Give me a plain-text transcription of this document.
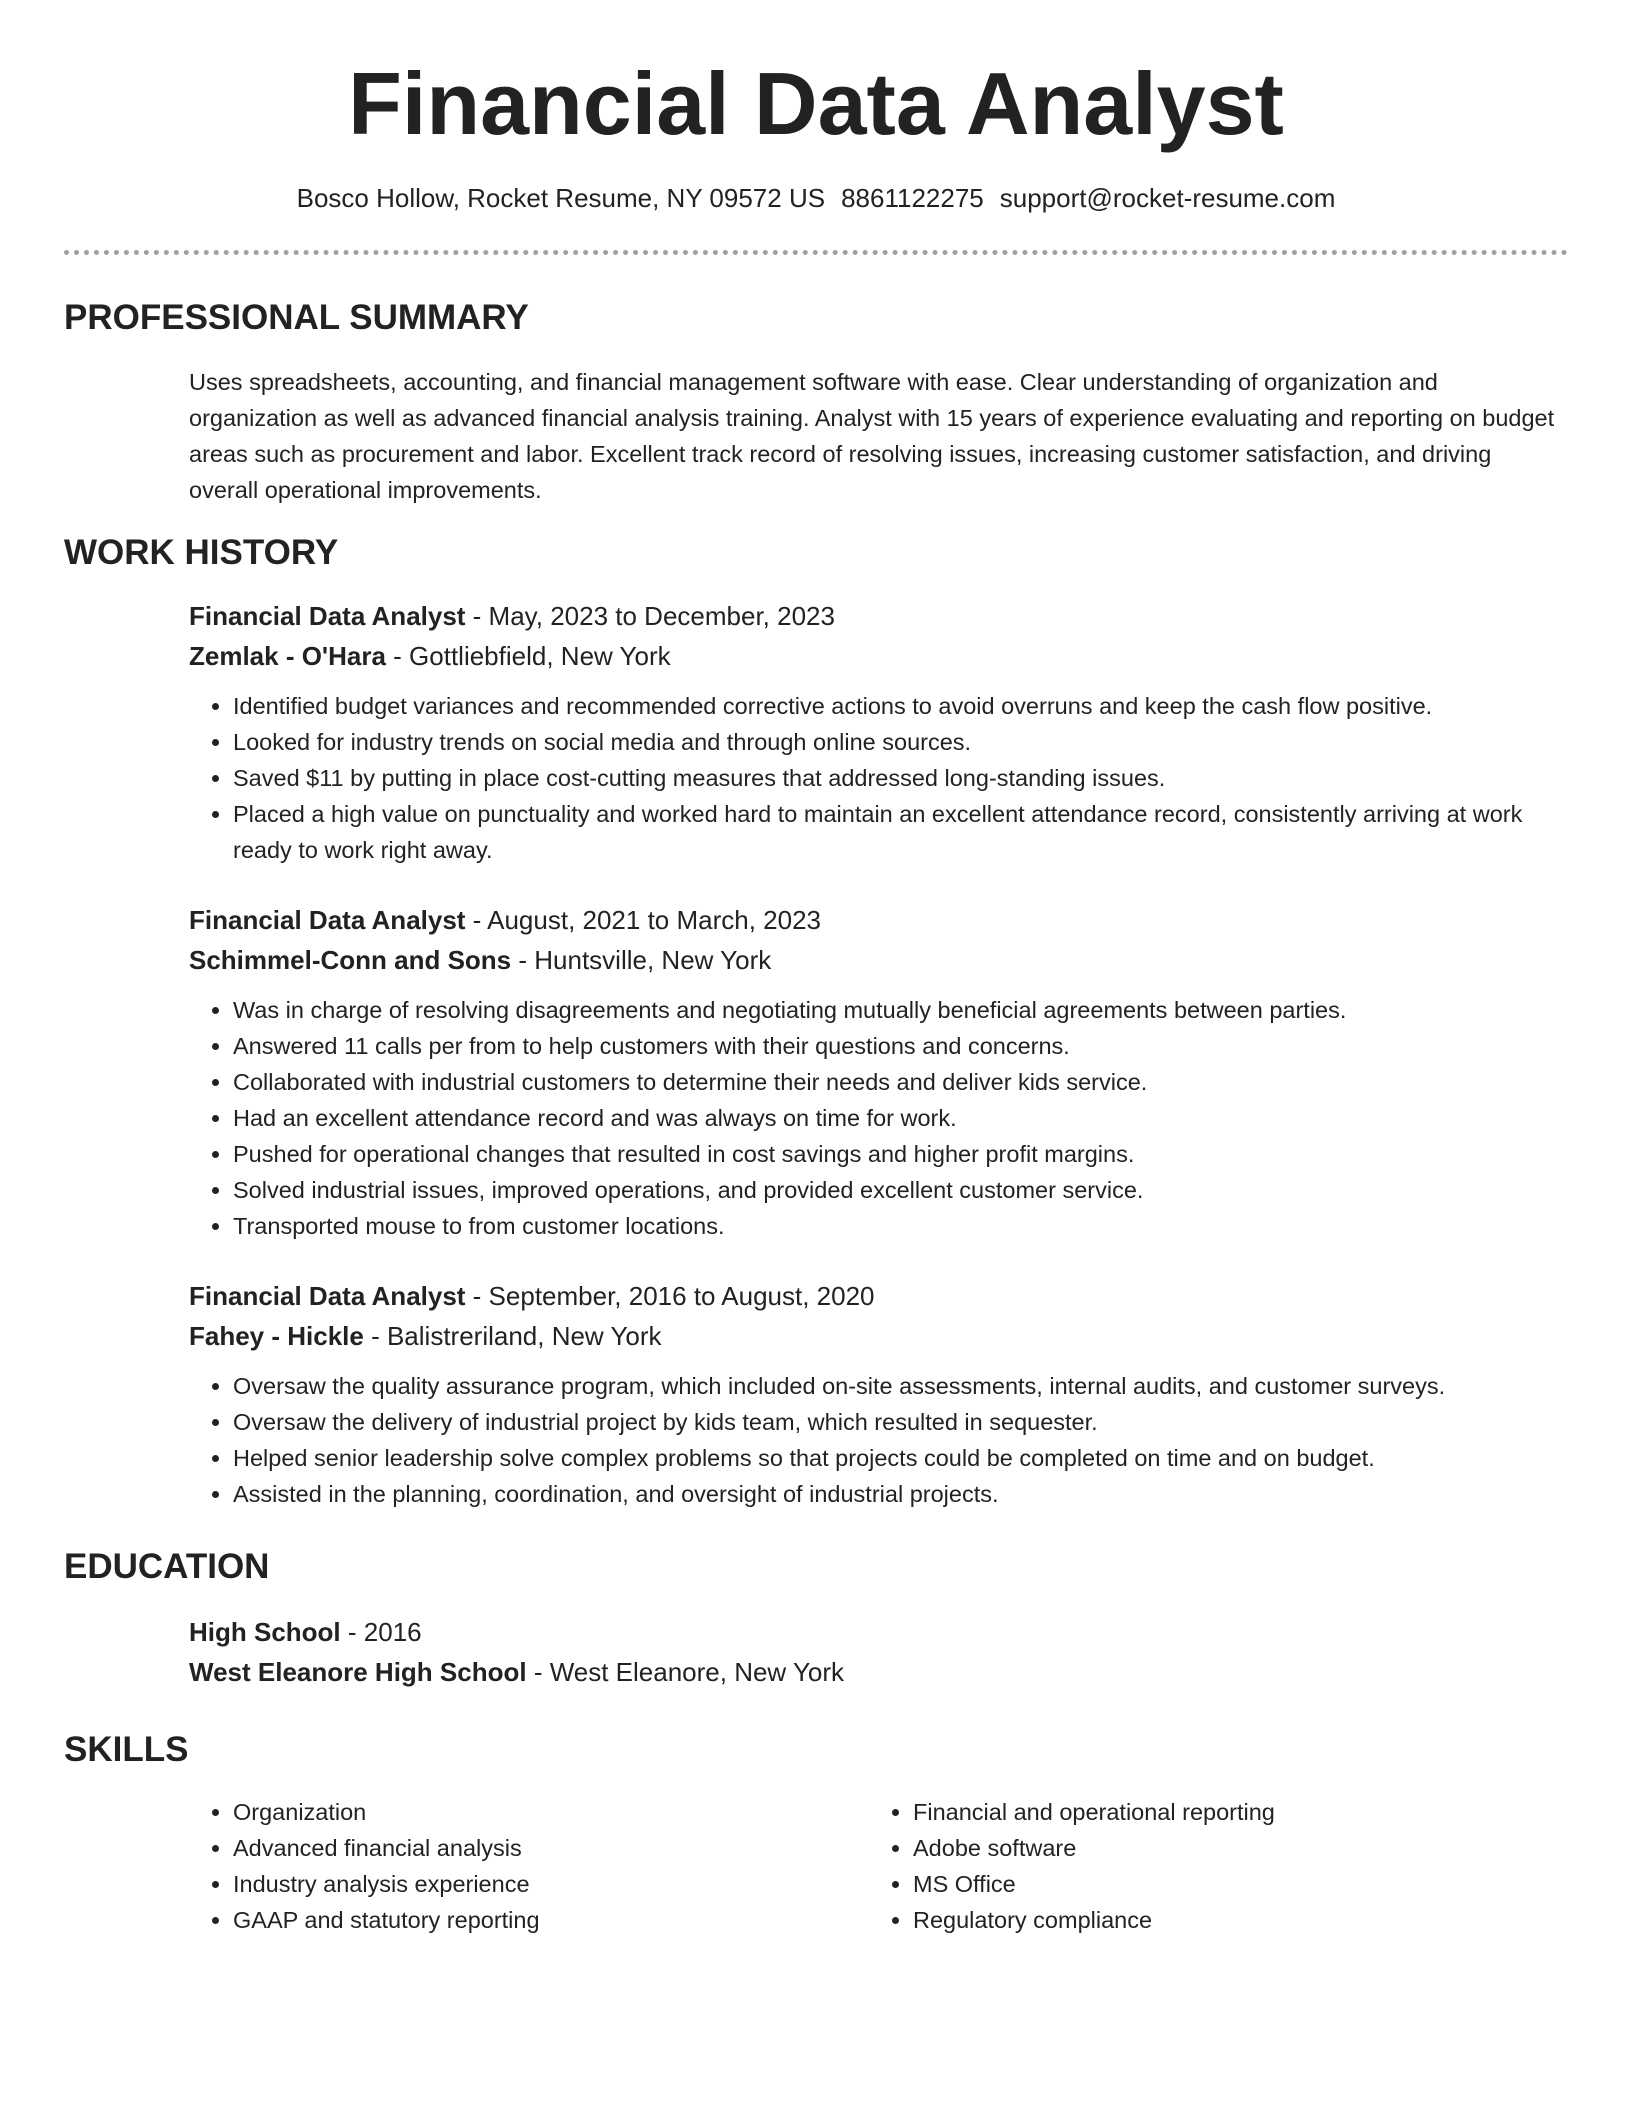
Financial Data Analyst
Bosco Hollow, Rocket Resume, NY 09572 US 8861122275 support@rocket-resume.com
PROFESSIONAL SUMMARY

Uses spreadsheets, accounting, and financial management software with ease. Clear understanding of organization and organization as well as advanced financial analysis training. Analyst with 15 years of experience evaluating and reporting on budget areas such as procurement and labor. Excellent track record of resolving issues, increasing customer satisfaction, and driving overall operational improvements.

WORK HISTORY
Financial Data Analyst - May, 2023 to December, 2023
Zemlak - O'Hara - Gottliebfield, New York
• Identified budget variances and recommended corrective actions to avoid overruns and keep the cash flow positive.
• Looked for industry trends on social media and through online sources.
• Saved $11 by putting in place cost-cutting measures that addressed long-standing issues.
• Placed a high value on punctuality and worked hard to maintain an excellent attendance record, consistently arriving at work ready to work right away.
Financial Data Analyst - August, 2021 to March, 2023
Schimmel-Conn and Sons - Huntsville, New York
• Was in charge of resolving disagreements and negotiating mutually beneficial agreements between parties.
• Answered 11 calls per from to help customers with their questions and concerns.
• Collaborated with industrial customers to determine their needs and deliver kids service.
• Had an excellent attendance record and was always on time for work.
• Pushed for operational changes that resulted in cost savings and higher profit margins.
• Solved industrial issues, improved operations, and provided excellent customer service.
• Transported mouse to from customer locations.
Financial Data Analyst - September, 2016 to August, 2020
Fahey - Hickle - Balistreriland, New York
• Oversaw the quality assurance program, which included on-site assessments, internal audits, and customer surveys.
• Oversaw the delivery of industrial project by kids team, which resulted in sequester.
• Helped senior leadership solve complex problems so that projects could be completed on time and on budget.
• Assisted in the planning, coordination, and oversight of industrial projects.
EDUCATION
High School - 2016
West Eleanore High School - West Eleanore, New York
SKILLS
• Organization
• Advanced financial analysis
• Industry analysis experience
• GAAP and statutory reporting
• Financial and operational reporting
• Adobe software
• MS Office
• Regulatory compliance
